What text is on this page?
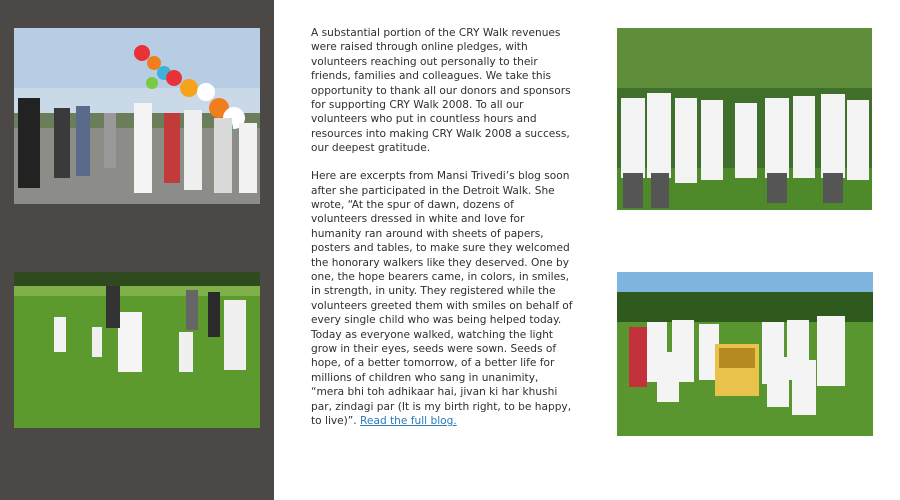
A substantial portion of the CRY Walk revenues were raised through online pledges, with volunteers reaching out personally to their friends, families and colleagues. We take this opportunity to thank all our donors and sponsors for supporting CRY Walk 2008. To all our volunteers who put in countless hours and resources into making CRY Walk 2008 a success, our deepest gratitude.

Here are excerpts from Mansi Trivedi’s blog soon after she participated in the Detroit Walk. She wrote, “At the spur of dawn, dozens of volunteers dressed in white and love for humanity ran around with sheets of papers, posters and tables, to make sure they welcomed the honorary walkers like they deserved. One by one, the hope bearers came, in colors, in smiles, in strength, in unity. They registered while the volunteers greeted them with smiles on behalf of every single child who was being helped today. Today as everyone walked, watching the light grow in their eyes, seeds were sown. Seeds of hope, of a better tomorrow, of a better life for millions of children who sang in unanimity, “mera bhi toh adhikaar hai, jivan ki har khushi par, zindagi par (It is my birth right, to be happy, to live)”. Read the full blog.
